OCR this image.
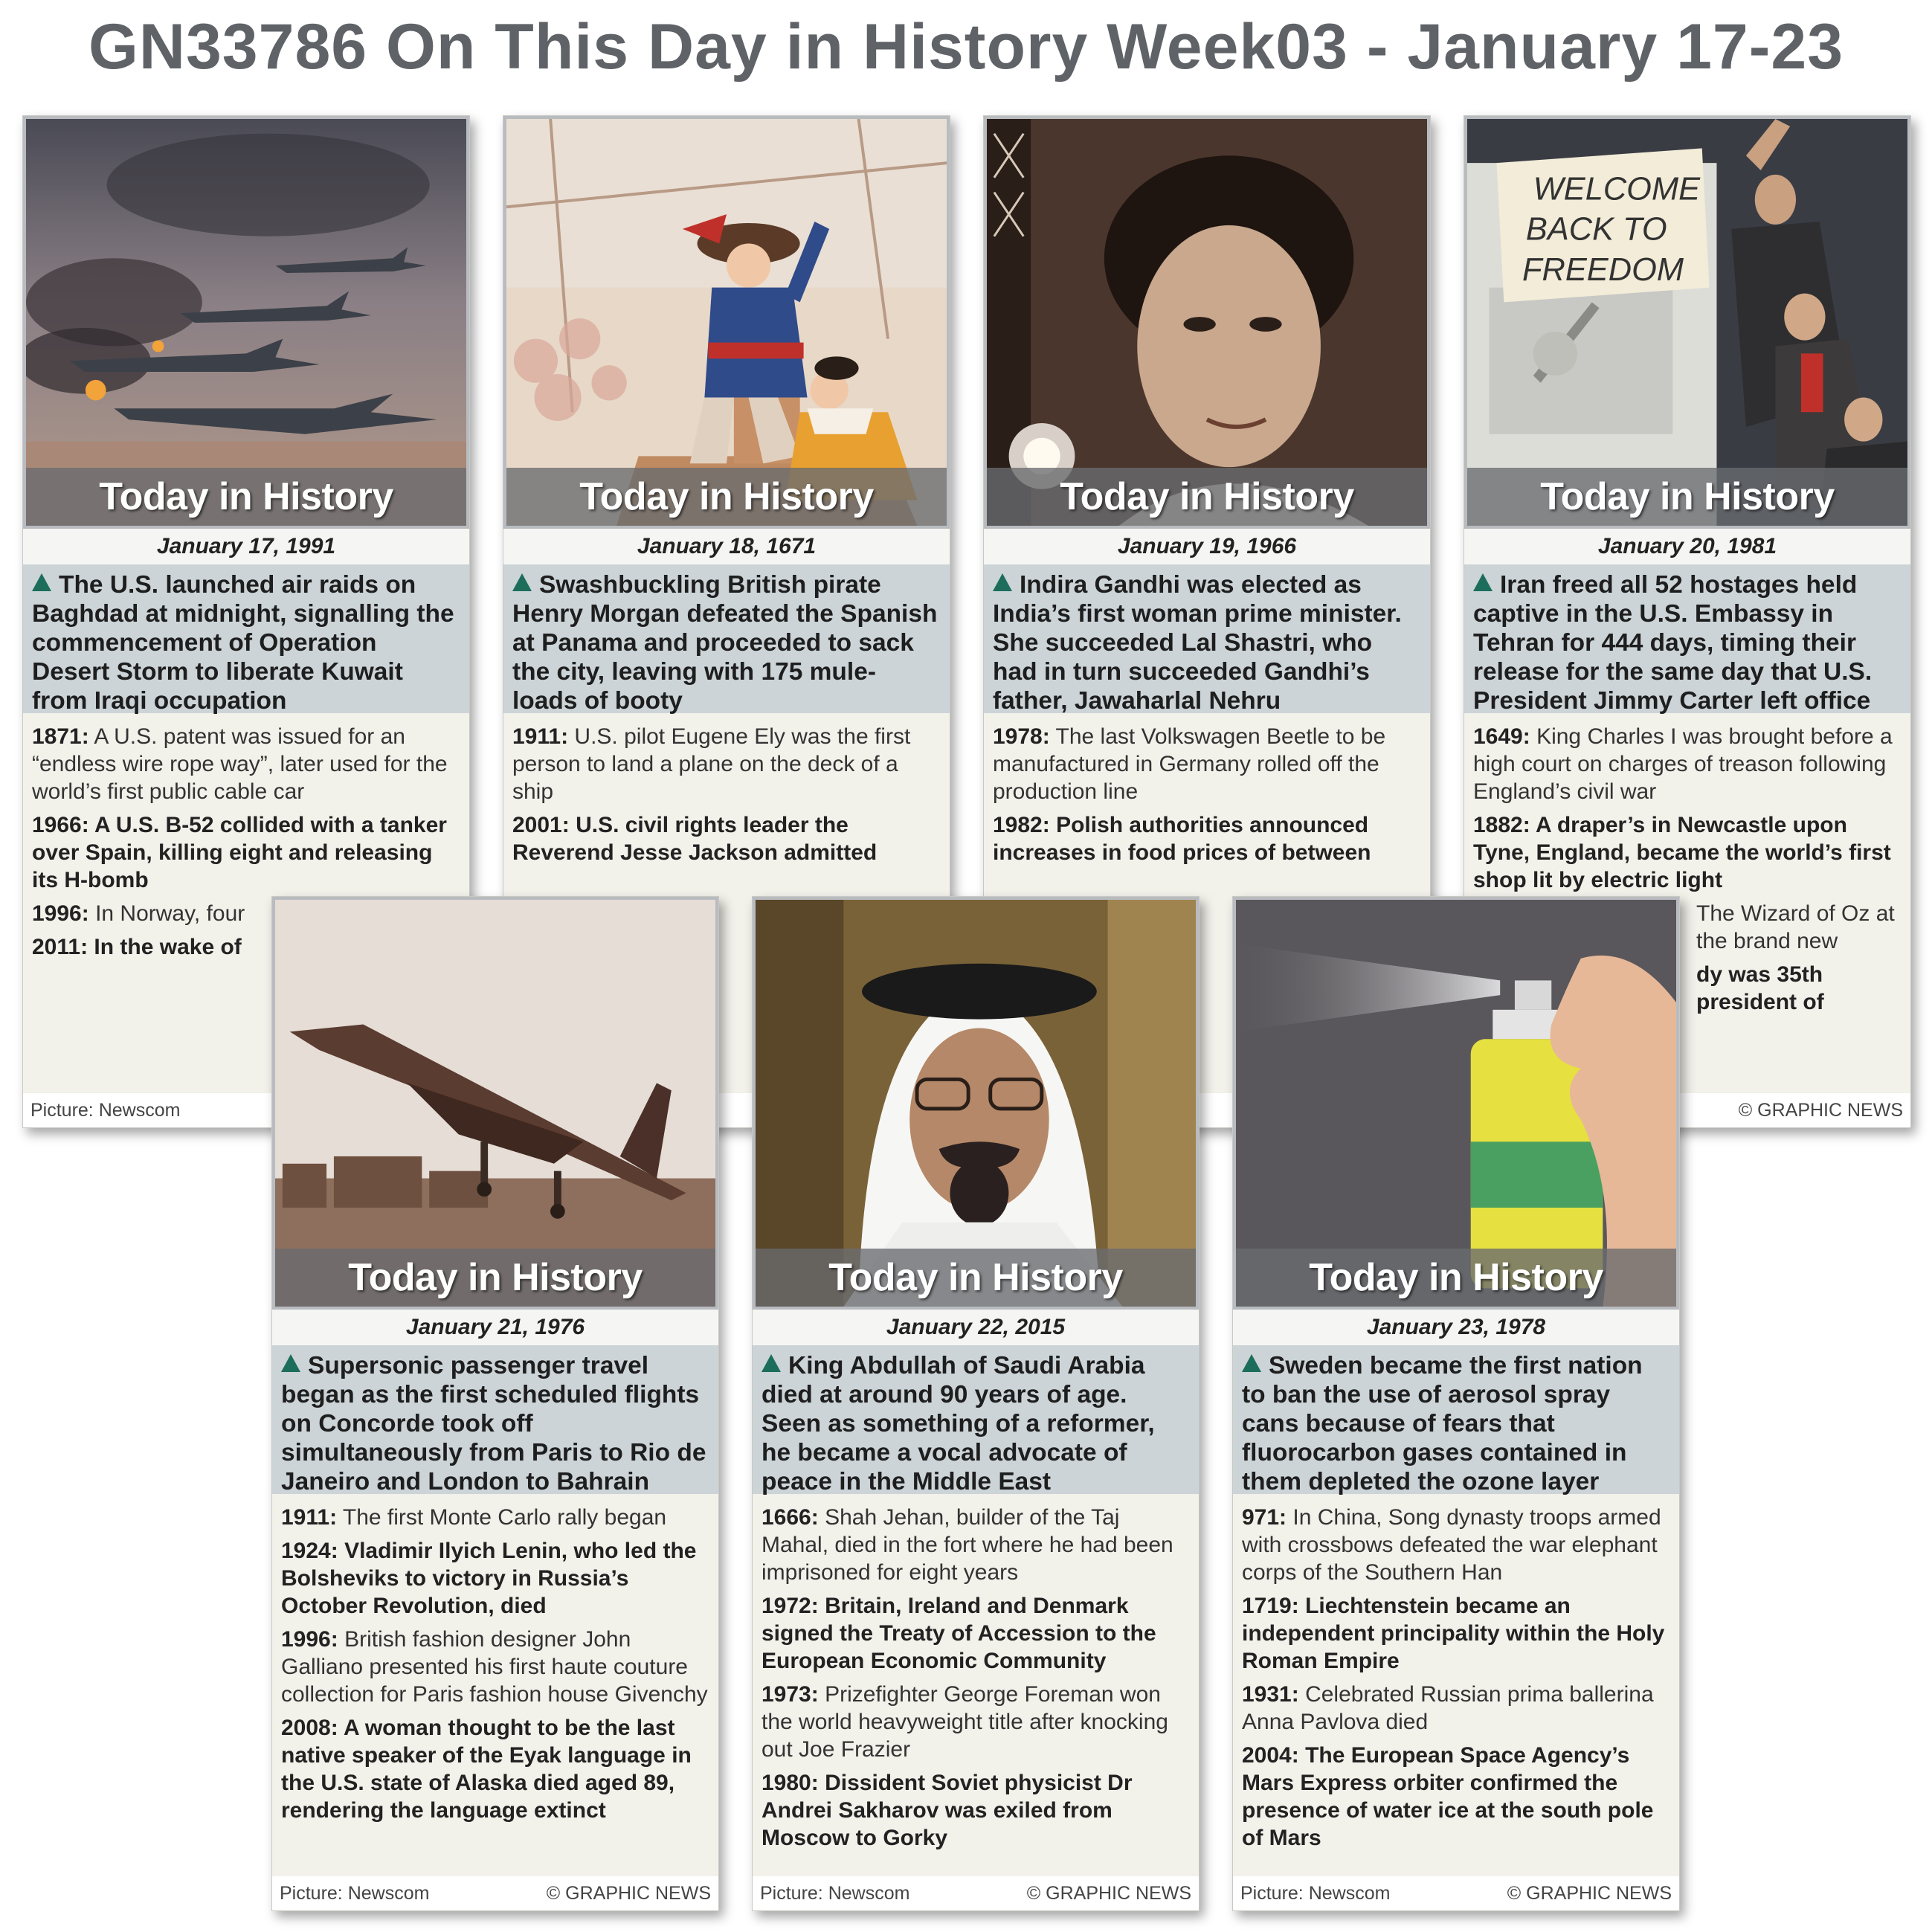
GN33786 On This Day in History Week03 - January 17-23
Today in History
January 17, 1991
The U.S. launched air raids on Baghdad at midnight, signalling the commencement of Operation Desert Storm to liberate Kuwait from Iraqi occupation
1871: A U.S. patent was issued for an “endless wire rope way”, later used for the world’s first public cable car
1966: A U.S. B-52 collided with a tanker over Spain, killing eight and releasing its H-bomb
1996: In Norway, four
2011: In the wake of
Picture: Newscom
Today in History
January 18, 1671
Swashbuckling British pirate Henry Morgan defeated the Spanish at Panama and proceeded to sack the city, leaving with 175 mule-loads of booty
1911: U.S. pilot Eugene Ely was the first person to land a plane on the deck of a ship
2001: U.S. civil rights leader the Reverend Jesse Jackson admitted
Today in History
January 19, 1966
Indira Gandhi was elected as India’s first woman prime minister. She succeeded Lal Shastri, who had in turn succeeded Gandhi’s father, Jawaharlal Nehru
1978: The last Volkswagen Beetle to be manufactured in Germany rolled off the production line
1982: Polish authorities announced increases in food prices of between
WELCOME
BACK TO
FREEDOM
Today in History
January 20, 1981
Iran freed all 52 hostages held captive in the U.S. Embassy in Tehran for 444 days, timing their release for the same day that U.S. President Jimmy Carter left office
1649: King Charles I was brought before a high court on charges of treason following England’s civil war
1882: A draper’s in Newcastle upon Tyne, England, became the world’s first shop lit by electric light
The Wizard of Oz at the brand new
dy was 35th president of
© GRAPHIC NEWS
Today in History
January 21, 1976
Supersonic passenger travel began as the first scheduled flights on Concorde took off simultaneously from Paris to Rio de Janeiro and London to Bahrain
1911: The first Monte Carlo rally began
1924: Vladimir Ilyich Lenin, who led the Bolsheviks to victory in Russia’s October Revolution, died
1996: British fashion designer John Galliano presented his first haute couture collection for Paris fashion house Givenchy
2008: A woman thought to be the last native speaker of the Eyak language in the U.S. state of Alaska died aged 89, rendering the language extinct
Picture: Newscom	© GRAPHIC NEWS
Today in History
January 22, 2015
King Abdullah of Saudi Arabia died at around 90 years of age. Seen as something of a reformer, he became a vocal advocate of peace in the Middle East
1666: Shah Jehan, builder of the Taj Mahal, died in the fort where he had been imprisoned for eight years
1972: Britain, Ireland and Denmark signed the Treaty of Accession to the European Economic Community
1973: Prizefighter George Foreman won the world heavyweight title after knocking out Joe Frazier
1980: Dissident Soviet physicist Dr Andrei Sakharov was exiled from Moscow to Gorky
Picture: Newscom	© GRAPHIC NEWS
Today in History
January 23, 1978
Sweden became the first nation to ban the use of aerosol spray cans because of fears that fluorocarbon gases contained in them depleted the ozone layer
971: In China, Song dynasty troops armed with crossbows defeated the war elephant corps of the Southern Han
1719: Liechtenstein became an independent principality within the Holy Roman Empire
1931: Celebrated Russian prima ballerina Anna Pavlova died
2004: The European Space Agency’s Mars Express orbiter confirmed the presence of water ice at the south pole of Mars
Picture: Newscom	© GRAPHIC NEWS
